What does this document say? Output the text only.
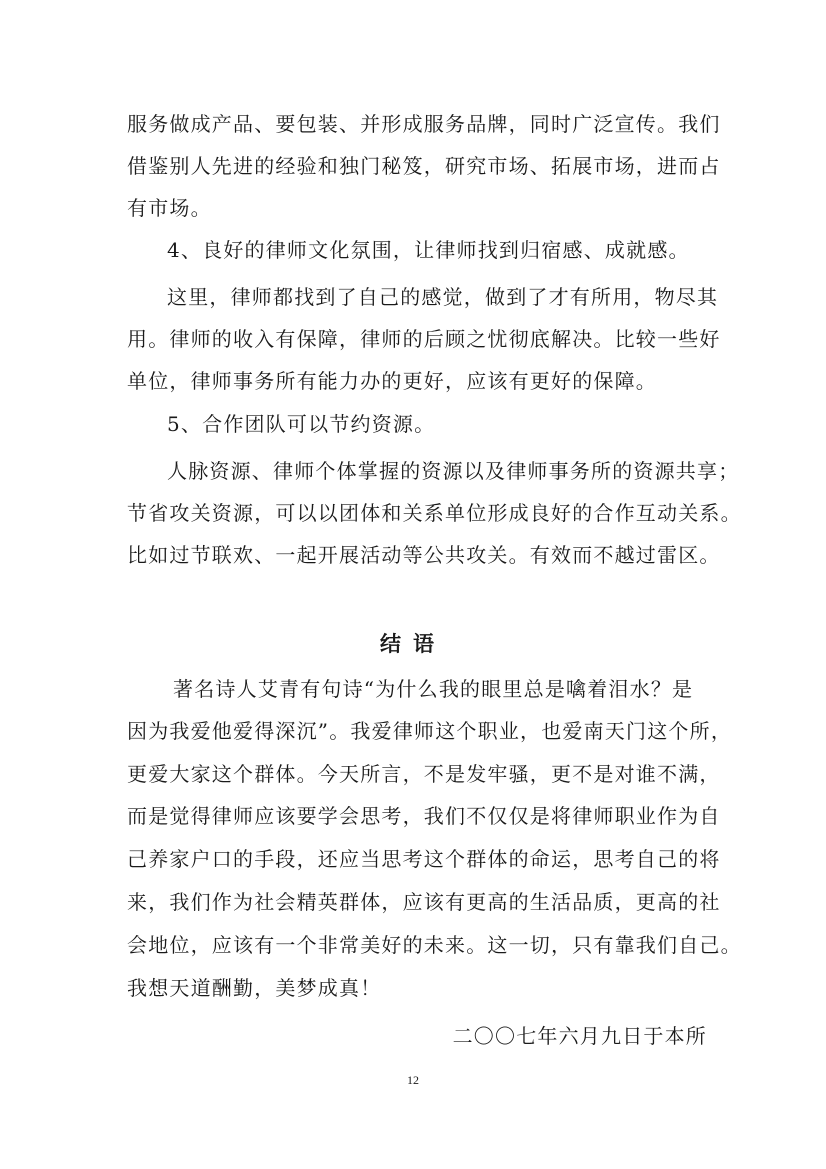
服务做成产品、要包装、并形成服务品牌，同时广泛宣传。我们
借鉴别人先进的经验和独门秘笈，研究市场、拓展市场，进而占
有市场。
4、良好的律师文化氛围，让律师找到归宿感、成就感。
这里，律师都找到了自己的感觉，做到了才有所用，物尽其
用。律师的收入有保障，律师的后顾之忧彻底解决。比较一些好
单位，律师事务所有能力办的更好，应该有更好的保障。
5、合作团队可以节约资源。
人脉资源、律师个体掌握的资源以及律师事务所的资源共享；
节省攻关资源，可以以团体和关系单位形成良好的合作互动关系。
比如过节联欢、一起开展活动等公共攻关。有效而不越过雷区。
结语
著名诗人艾青有句诗“为什么我的眼里总是噙着泪水？是
因为我爱他爱得深沉”。我爱律师这个职业，也爱南天门这个所，
更爱大家这个群体。今天所言，不是发牢骚，更不是对谁不满，
而是觉得律师应该要学会思考，我们不仅仅是将律师职业作为自
己养家户口的手段，还应当思考这个群体的命运，思考自己的将
来，我们作为社会精英群体，应该有更高的生活品质，更高的社
会地位，应该有一个非常美好的未来。这一切，只有靠我们自己。
我想天道酬勤，美梦成真！
二〇〇七年六月九日于本所
12
